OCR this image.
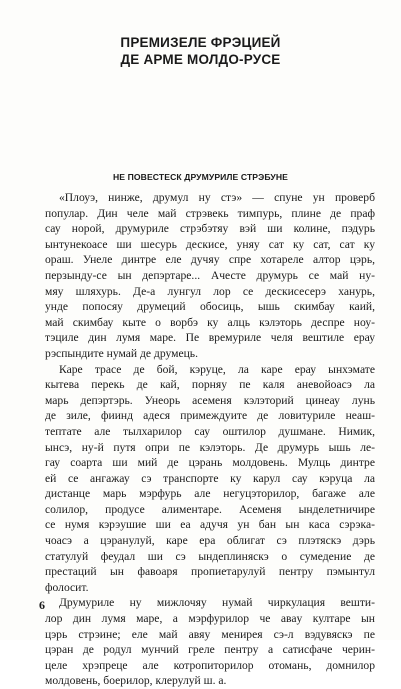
ПРЕМИЗЕЛЕ ФРЭЦИЕЙ
ДЕ АРМЕ МОЛДО-РУСЕ
НЕ ПОВЕСТЕСК ДРУМУРИЛЕ СТРЭБУНЕ
«Плоуэ, нинже, друмул ну стэ» — спуне ун проверб
популар. Дин челе май стрэвекь тимпурь, плине де праф
сау норой, друмуриле стрэбэтяу вэй ши колине, пэдурь
ынтунекоасе ши шесурь дескисе, уняу сат ку сат, сат ку
ораш. Унеле динтре еле дучяу спре хотареле алтор цэрь,
перзынду-се ын депэртаре... Ачесте друмурь се май ну-
мяу шляхурь. Де-а лунгул лор се дескисесерэ ханурь,
унде попосяу друмеций обосиць, ышь скимбау каий,
май скимбау кыте о ворбэ ку алць кэлэторь деспре ноу-
тэциле дин лумя маре. Пе времуриле челя вештиле ерау
рэспындите нумай де друмець.
Каре трасе де бой, кэруце, ла каре ерау ынхэмате
кытева перекь де кай, порняу пе каля аневойоасэ ла
марь депэртэрь. Унеорь асеменя кэлэторий цинеау лунь
де зиле, фиинд адеся примеждуите де ловитуриле неаш-
тептате але тылхарилор сау оштилор душмане. Нимик,
ынсэ, ну-й путя опри пе кэлэторь. Де друмурь ышь ле-
гау соарта ши мий де цэрань молдовень. Мулць динтре
ей се ангажау сэ транспорте ку карул сау кэруца ла
дистанце марь мэрфурь але негуцэторилор, багаже але
солилор, продусе алиментаре. Асеменя ынделетничире
се нумя кэрэушие ши еа адучя ун бан ын каса сэрэка-
чоасэ а цэранулуй, каре ера облигат сэ плэтяскэ дэрь
статулуй феудал ши сэ ындеплиняскэ о сумедение де
престаций ын фавоаря пропиетарулуй пентру пэмынтул
фолосит.
Друмуриле ну мижлочяу нумай чиркулация вешти-
лор дин лумя маре, а мэрфурилор че аваy култаре ын
цэрь стрэине; еле май авяу менирея сэ-л вэдувяскэ пе
цэран де родул мунчий греле пентру а сатисфаче черин-
целе хрэпреце але котропиторилор отомань, домнилор
молдовень, боерилор, клерулуй ш. а.
6
